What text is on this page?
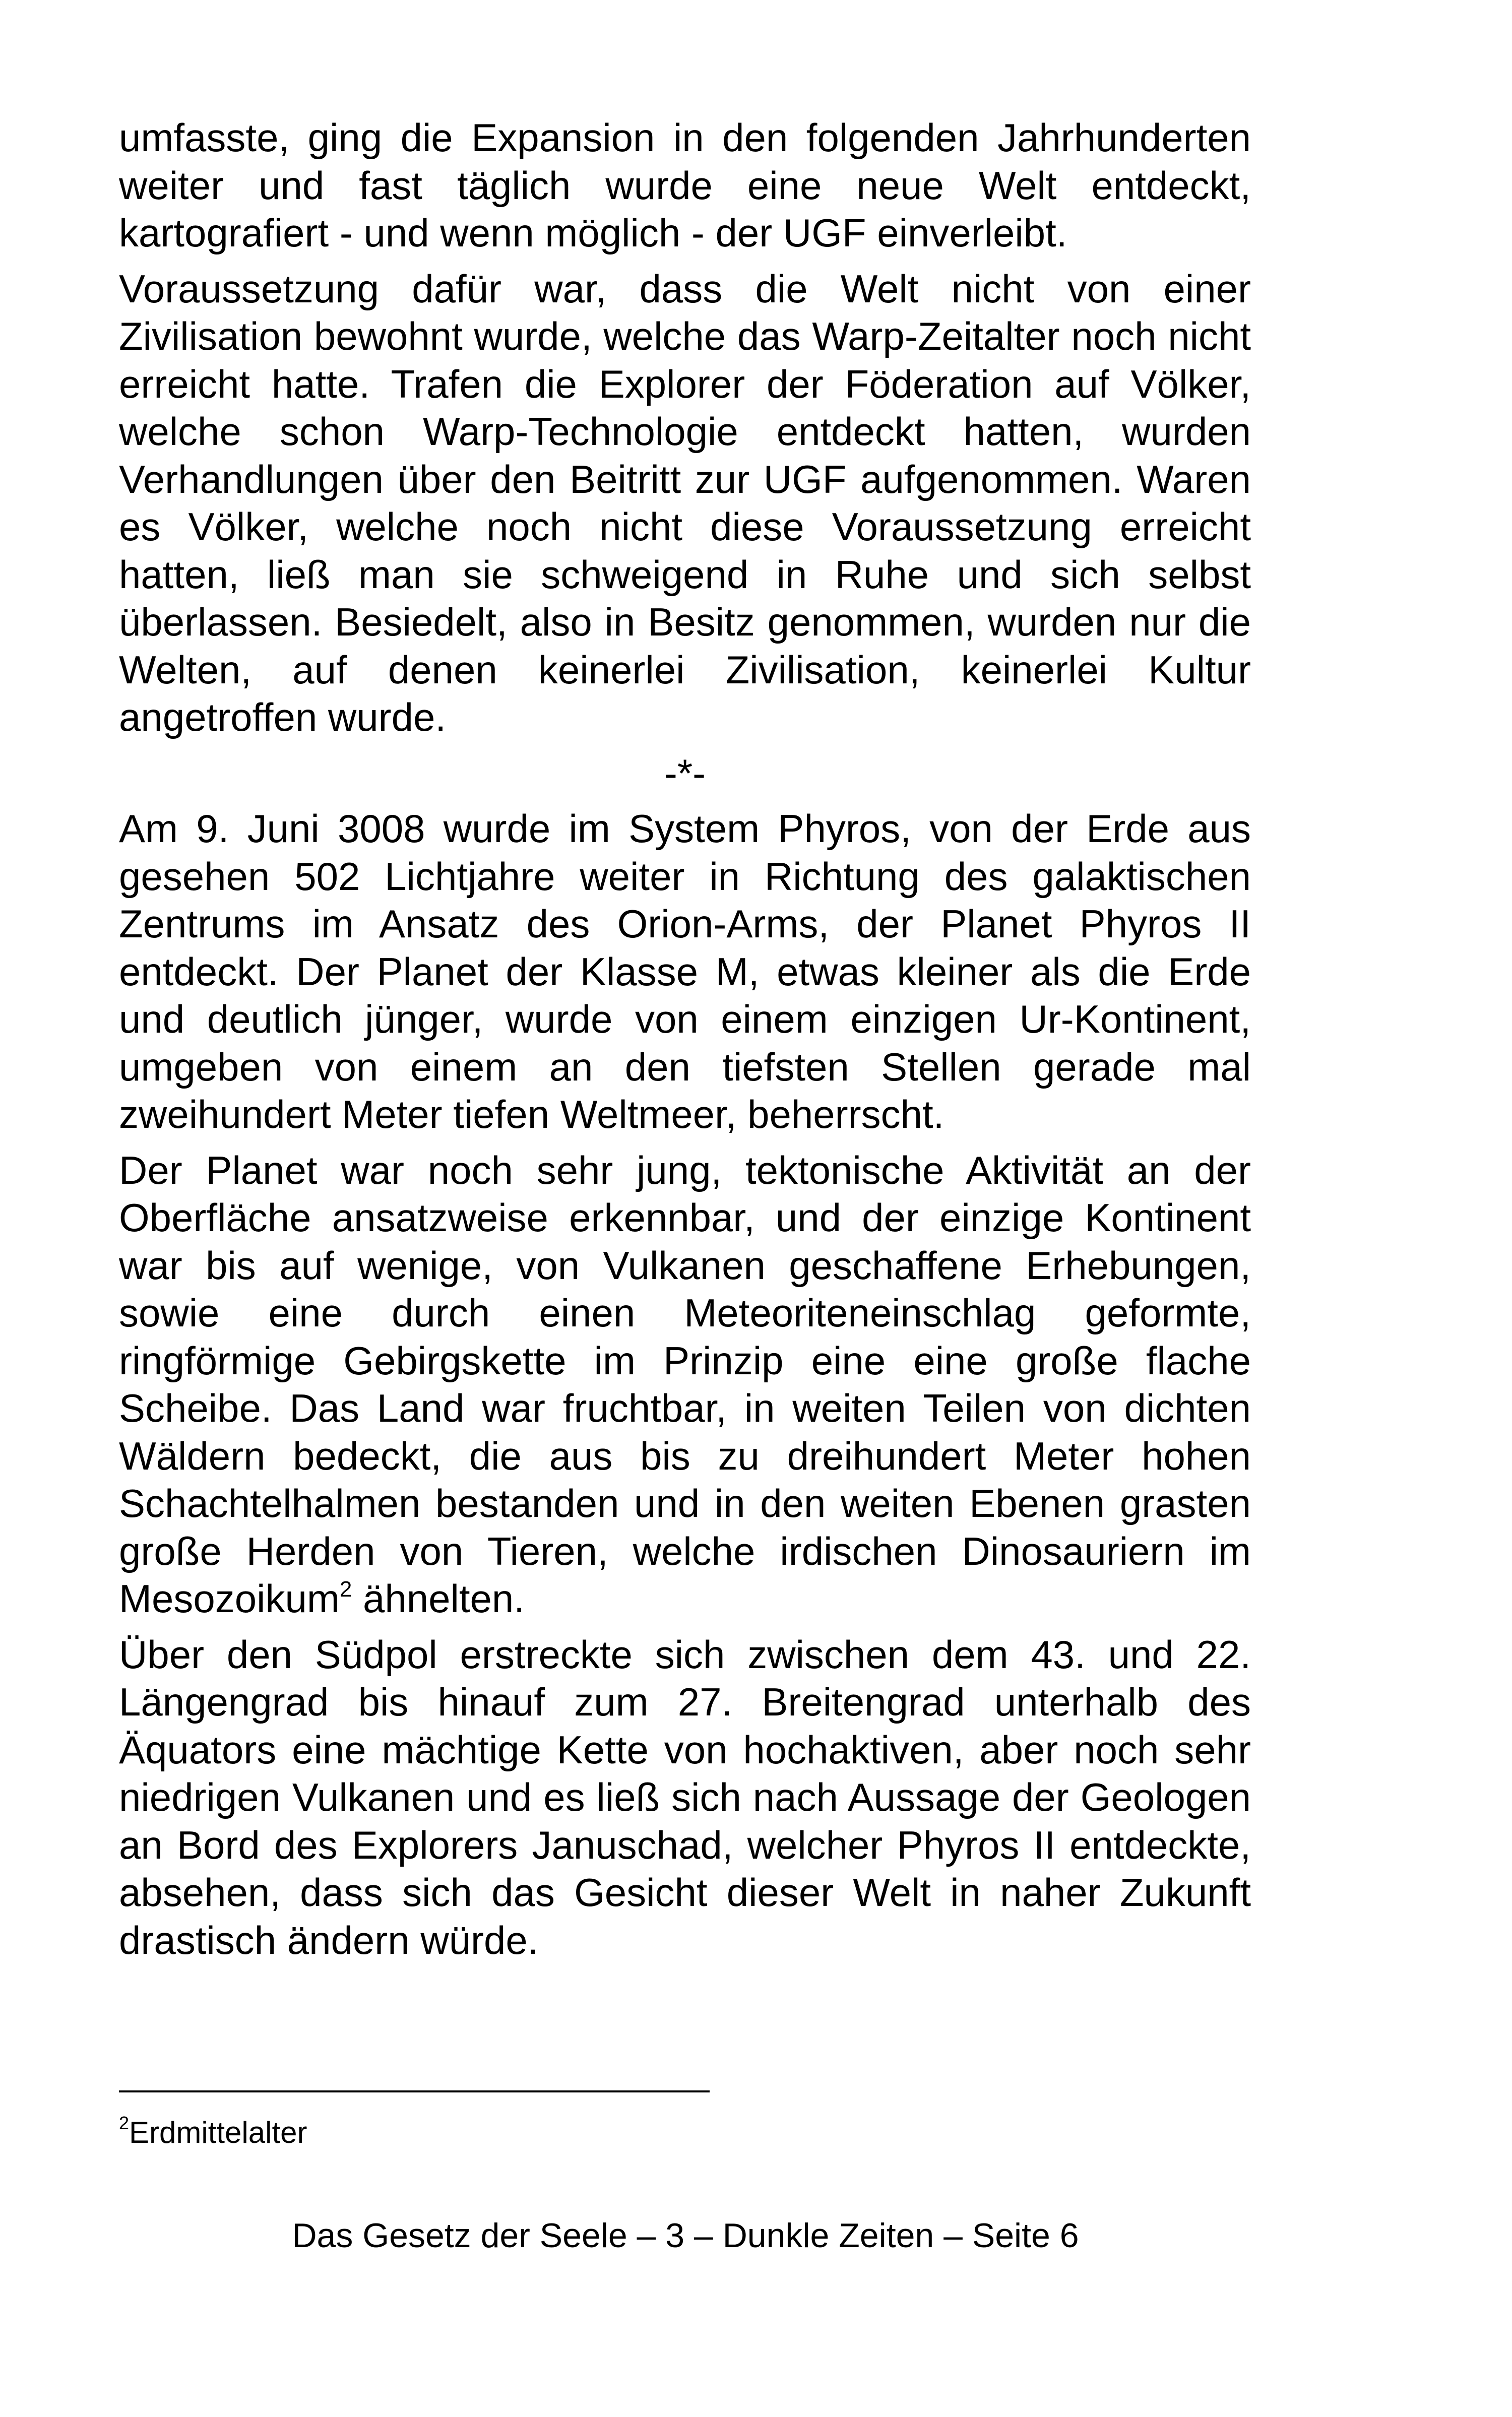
umfasste, ging die Expansion in den folgenden Jahrhunderten weiter und fast täglich wurde eine neue Welt entdeckt, kartografiert - und wenn möglich - der UGF einverleibt.

Voraussetzung dafür war, dass die Welt nicht von einer Zivilisation bewohnt wurde, welche das Warp-Zeitalter noch nicht erreicht hatte. Trafen die Explorer der Föderation auf Völker, welche schon Warp-Technologie entdeckt hatten, wurden Verhandlungen über den Beitritt zur UGF aufgenommen. Waren es Völker, welche noch nicht diese Voraussetzung erreicht hatten, ließ man sie schweigend in Ruhe und sich selbst überlassen. Besiedelt, also in Besitz genommen, wurden nur die Welten, auf denen keinerlei Zivilisation, keinerlei Kultur angetroffen wurde.

-*-

Am 9. Juni 3008 wurde im System Phyros, von der Erde aus gesehen 502 Lichtjahre weiter in Richtung des galaktischen Zentrums im Ansatz des Orion-Arms, der Planet Phyros II entdeckt. Der Planet der Klasse M, etwas kleiner als die Erde und deutlich jünger, wurde von einem einzigen Ur-Kontinent, umgeben von einem an den tiefsten Stellen gerade mal zweihundert Meter tiefen Weltmeer, beherrscht.

Der Planet war noch sehr jung, tektonische Aktivität an der Oberfläche ansatzweise erkennbar, und der einzige Kontinent war bis auf wenige, von Vulkanen geschaffene Erhebungen, sowie eine durch einen Meteoriteneinschlag geformte, ringförmige Gebirgskette im Prinzip eine eine große flache Scheibe. Das Land war fruchtbar, in weiten Teilen von dichten Wäldern bedeckt, die aus bis zu dreihundert Meter hohen Schachtelhalmen bestanden und in den weiten Ebenen grasten große Herden von Tieren, welche irdischen Dinosauriern im Mesozoikum$^2$ ähnelten.

Über den Südpol erstreckte sich zwischen dem 43. und 22. Längengrad bis hinauf zum 27. Breitengrad unterhalb des Äquators eine mächtige Kette von hochaktiven, aber noch sehr niedrigen Vulkanen und es ließ sich nach Aussage der Geologen an Bord des Explorers Januschad, welcher Phyros II entdeckte, absehen, dass sich das Gesicht dieser Welt in naher Zukunft drastisch ändern würde.

$^2$Erdmittelalter
Das Gesetz der Seele – 3 – Dunkle Zeiten – Seite 6
